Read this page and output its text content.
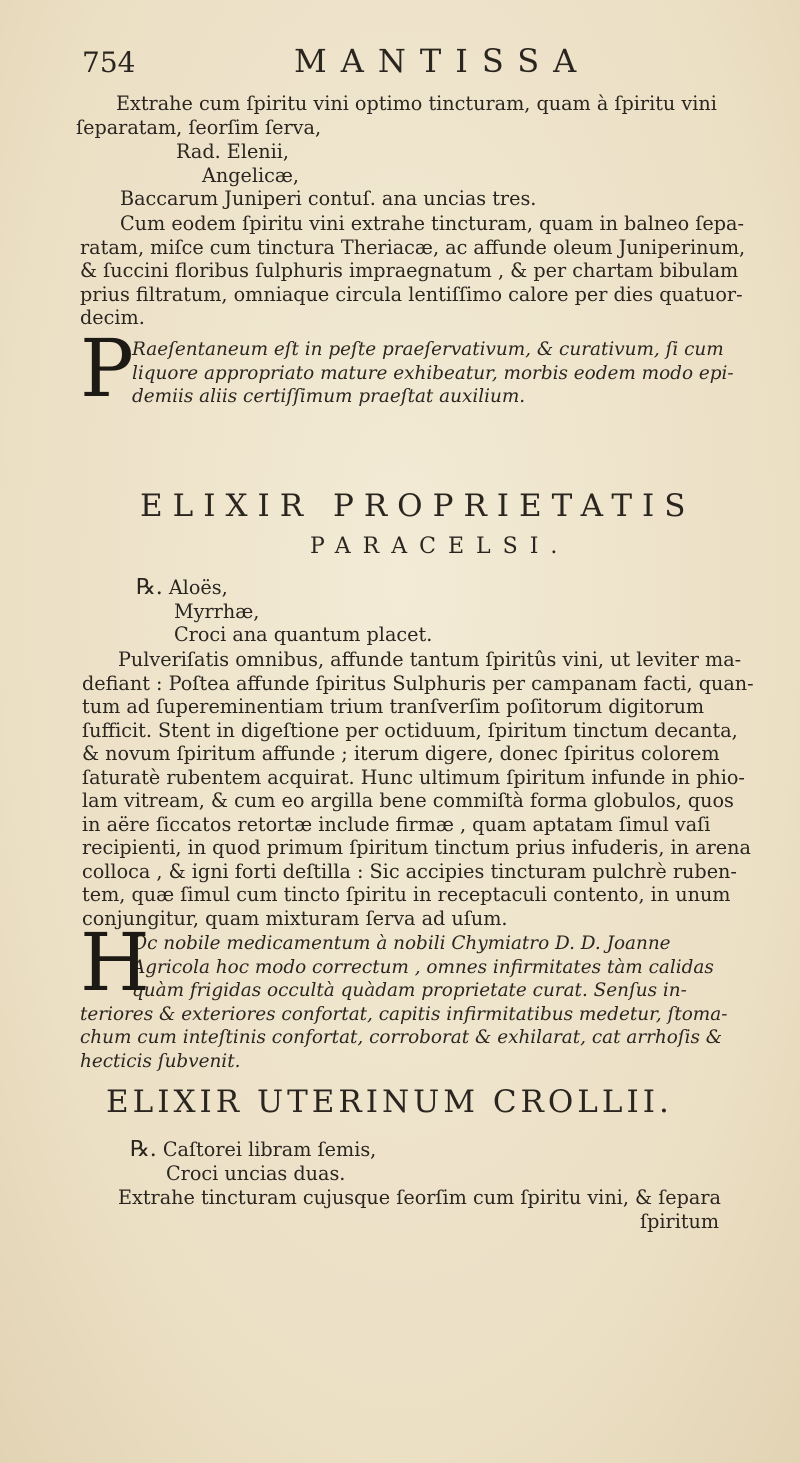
754	MANTISSA
Extrahe cum ſpiritu vini optimo tincturam, quam à ſpiritu vini
ſeparatam, ſeorſim ſerva,
Rad. Elenii,
Angelicæ,
Baccarum Juniperi contuſ. ana uncias tres.
Cum eodem ſpiritu vini extrahe tincturam, quam in balneo ſepa-
ratam, miſce cum tinctura Theriacæ, ac affunde oleum Juniperinum,
& ſuccini floribus ſulphuris impraegnatum , & per chartam bibulam
prius filtratum, omniaque circula lentiſſimo calore per dies quatuor-
decim.
P
Raeſentaneum eſt in peſte praeſervativum, & curativum, ſi cum
liquore appropriato mature exhibeatur, morbis eodem modo epi-
demiis aliis certiſſimum praeſtat auxilium.
ELIXIR PROPRIETATIS
PARACELSI.
℞. Aloës,
Myrrhæ,
Croci ana quantum placet.
Pulveriſatis omnibus, affunde tantum ſpiritûs vini, ut leviter ma-
defiant : Poſtea affunde ſpiritus Sulphuris per campanam facti, quan-
tum ad ſupereminentiam trium tranſverſim poſitorum digitorum
ſufficit. Stent in digeſtione per octiduum, ſpiritum tinctum decanta,
& novum ſpiritum affunde ; iterum digere, donec ſpiritus colorem
ſaturatè rubentem acquirat. Hunc ultimum ſpiritum infunde in phio-
lam vitream, & cum eo argilla bene commiſtà forma globulos, quos
in aëre ſiccatos retortæ include firmæ , quam aptatam ſimul vaſi
recipienti, in quod primum ſpiritum tinctum prius infuderis, in arena
colloca , & igni forti deſtilla : Sic accipies tincturam pulchrè ruben-
tem, quæ ſimul cum tincto ſpiritu in receptaculi contento, in unum
conjungitur, quam mixturam ſerva ad uſum.
H
Oc nobile medicamentum à nobili Chymiatro D. D. Joanne
Agricola hoc modo correctum , omnes infirmitates tàm calidas
quàm frigidas occultà quàdam proprietate curat. Senſus in-
teriores & exteriores confortat, capitis infirmitatibus medetur, ſtoma-
chum cum inteſtinis confortat, corroborat & exhilarat, cat arrhoſis &
hecticis ſubvenit.
ELIXIR UTERINUM CROLLII.
℞. Caſtorei libram ſemis,
Croci uncias duas.
Extrahe tincturam cujusque ſeorſim cum ſpiritu vini, & ſepara
ſpiritum
